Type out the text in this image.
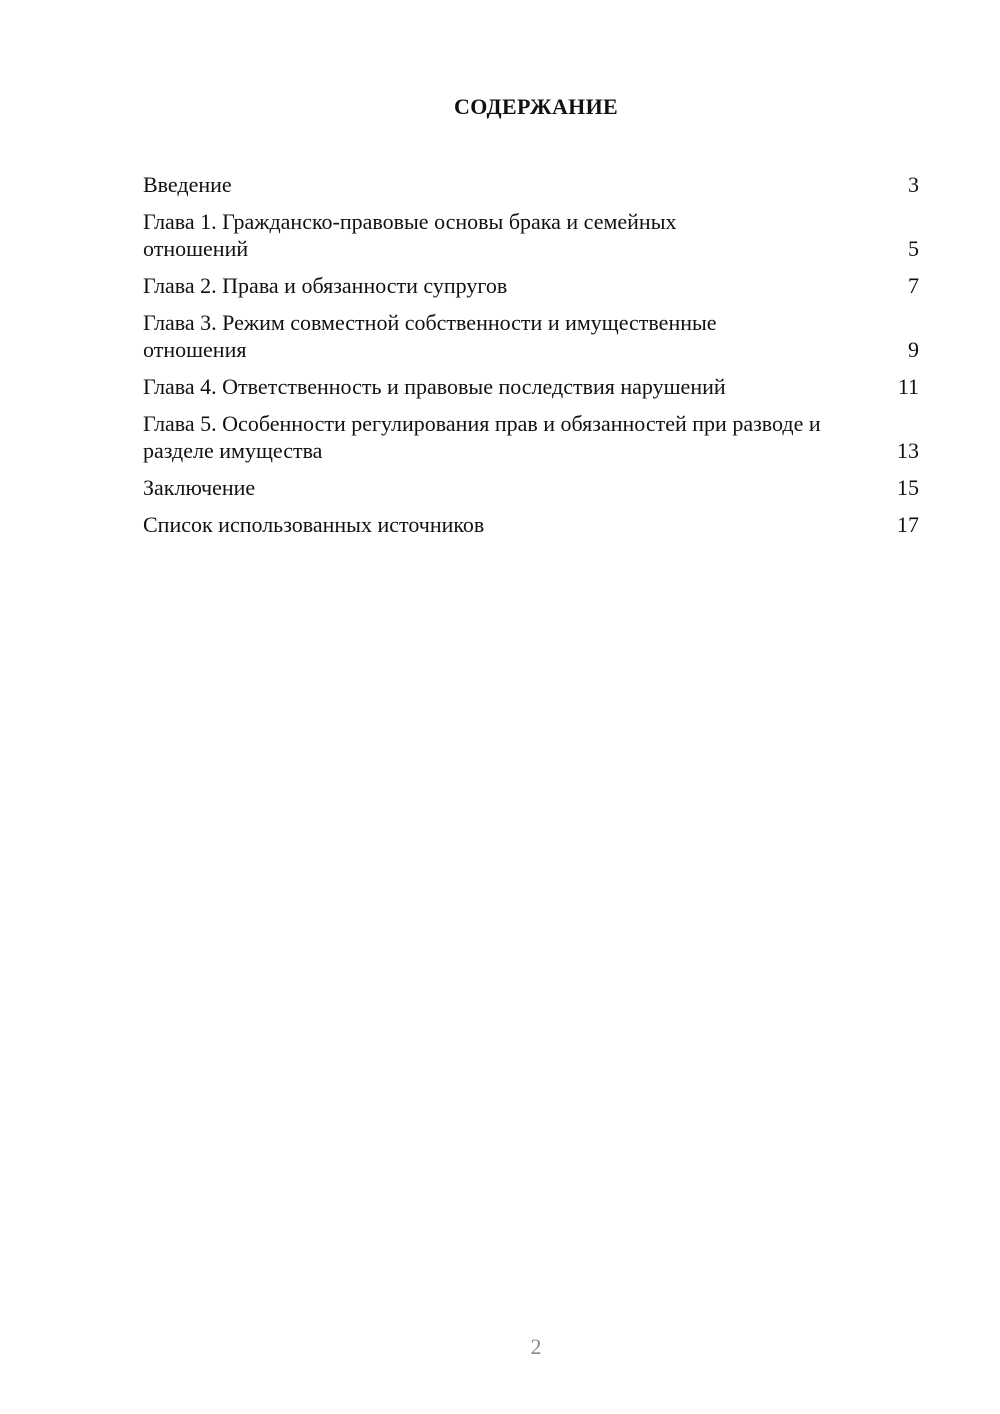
СОДЕРЖАНИЕ
Введение	3
Глава 1. Гражданско-правовые основы брака и семейных отношений	5
Глава 2. Права и обязанности супругов	7
Глава 3. Режим совместной собственности и имущественные отношения	9
Глава 4. Ответственность и правовые последствия нарушений	11
Глава 5. Особенности регулирования прав и обязанностей при разводе и разделе имущества	13
Заключение	15
Список использованных источников	17
2
